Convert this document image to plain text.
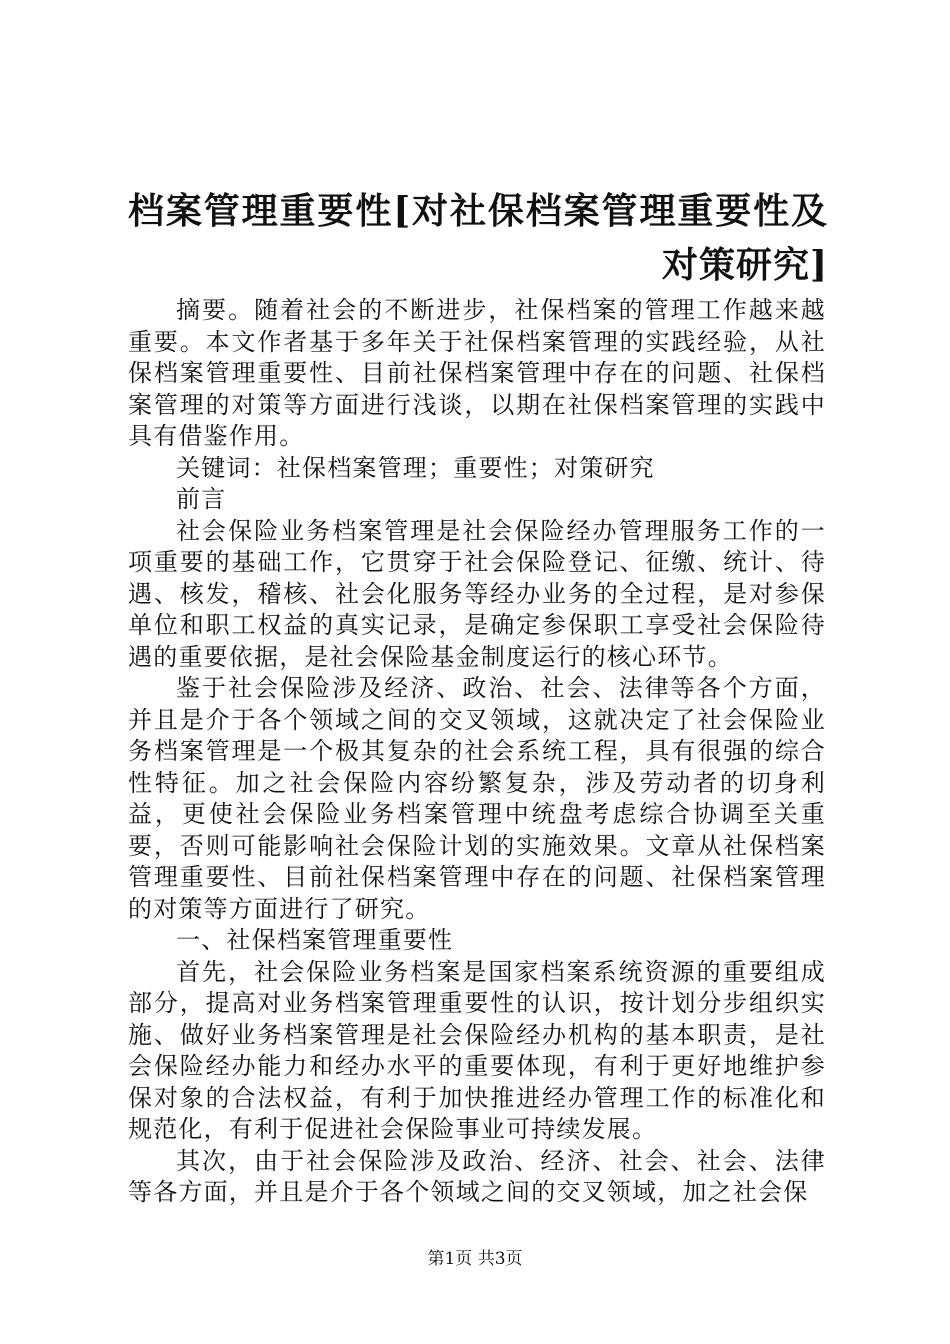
档案管理重要性[对社保档案管理重要性及对策研究]

摘要。随着社会的不断进步，社保档案的管理工作越来越重要。本文作者基于多年关于社保档案管理的实践经验，从社保档案管理重要性、目前社保档案管理中存在的问题、社保档案管理的对策等方面进行浅谈，以期在社保档案管理的实践中具有借鉴作用。

关键词：社保档案管理；重要性；对策研究

前言

社会保险业务档案管理是社会保险经办管理服务工作的一项重要的基础工作，它贯穿于社会保险登记、征缴、统计、待遇、核发，稽核、社会化服务等经办业务的全过程，是对参保单位和职工权益的真实记录，是确定参保职工享受社会保险待遇的重要依据，是社会保险基金制度运行的核心环节。

鉴于社会保险涉及经济、政治、社会、法律等各个方面，并且是介于各个领域之间的交叉领域，这就决定了社会保险业务档案管理是一个极其复杂的社会系统工程，具有很强的综合性特征。加之社会保险内容纷繁复杂，涉及劳动者的切身利益，更使社会保险业务档案管理中统盘考虑综合协调至关重要，否则可能影响社会保险计划的实施效果。文章从社保档案管理重要性、目前社保档案管理中存在的问题、社保档案管理的对策等方面进行了研究。

一、社保档案管理重要性

首先，社会保险业务档案是国家档案系统资源的重要组成部分，提高对业务档案管理重要性的认识，按计划分步组织实施、做好业务档案管理是社会保险经办机构的基本职责，是社会保险经办能力和经办水平的重要体现，有利于更好地维护参保对象的合法权益，有利于加快推进经办管理工作的标准化和规范化，有利于促进社会保险事业可持续发展。

其次，由于社会保险涉及政治、经济、社会、社会、法律等各方面，并且是介于各个领域之间的交叉领域，加之社会保

第1页 共3页
